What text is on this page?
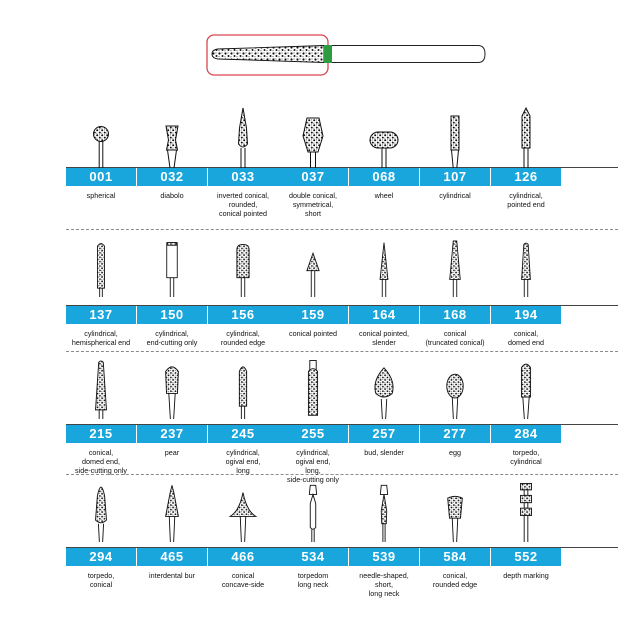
001
spherical
032
diabolo
033
inverted conical,
rounded,
conical pointed
037
double conical,
symmetrical,
short
068
wheel
107
cylindrical
126
cylindrical,
pointed end
137
cylindrical,
hemispherical end
150
cylindrical,
end-cutting only
156
cylindrical,
rounded edge
159
conical pointed
164
conical pointed,
slender
168
conical
(truncated conical)
194
conical,
domed end
215
conical,
domed end,
side-cutting only
237
pear
245
cylindrical,
ogival end,
long
255
cylindrical,
ogival end,
long,
side-cutting only
257
bud, slender
277
egg
284
torpedo,
cylindrical
294
torpedo,
conical
465
interdental bur
466
conical
concave-side
534
torpedom
long neck
539
needle-shaped,
short,
long neck
584
conical,
rounded edge
552
depth marking
